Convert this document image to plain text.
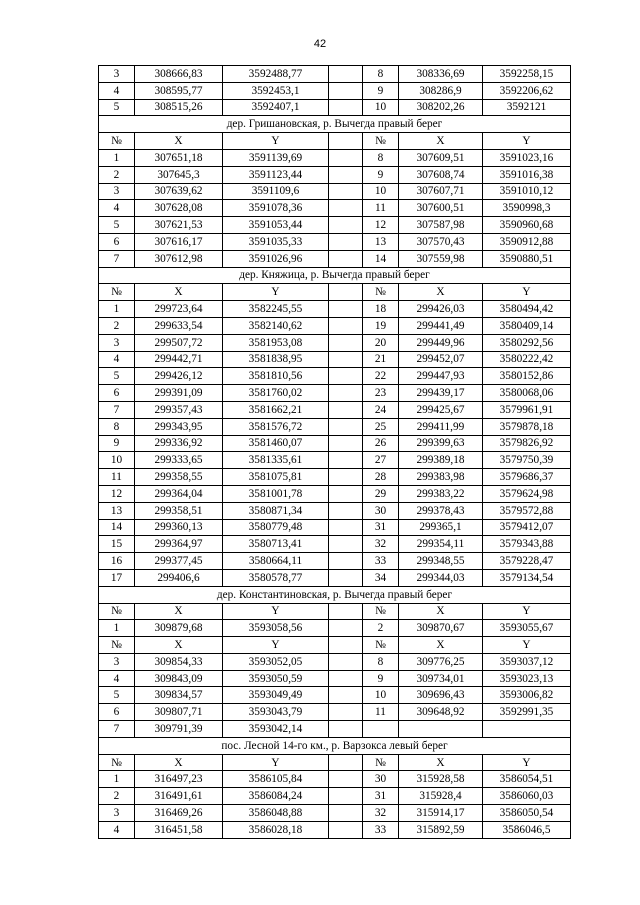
42
3	308666,83	3592488,77		8	308336,69	3592258,15
4	308595,77	3592453,1		9	308286,9	3592206,62
5	308515,26	3592407,1		10	308202,26	3592121
дер. Гришановская, р. Вычегда правый берег						
№	X	Y		№	X	Y
1	307651,18	3591139,69		8	307609,51	3591023,16
2	307645,3	3591123,44		9	307608,74	3591016,38
3	307639,62	3591109,6		10	307607,71	3591010,12
4	307628,08	3591078,36		11	307600,51	3590998,3
5	307621,53	3591053,44		12	307587,98	3590960,68
6	307616,17	3591035,33		13	307570,43	3590912,88
7	307612,98	3591026,96		14	307559,98	3590880,51
дер. Княжица, р. Вычегда правый берег						
№	X	Y		№	X	Y
1	299723,64	3582245,55		18	299426,03	3580494,42
2	299633,54	3582140,62		19	299441,49	3580409,14
3	299507,72	3581953,08		20	299449,96	3580292,56
4	299442,71	3581838,95		21	299452,07	3580222,42
5	299426,12	3581810,56		22	299447,93	3580152,86
6	299391,09	3581760,02		23	299439,17	3580068,06
7	299357,43	3581662,21		24	299425,67	3579961,91
8	299343,95	3581576,72		25	299411,99	3579878,18
9	299336,92	3581460,07		26	299399,63	3579826,92
10	299333,65	3581335,61		27	299389,18	3579750,39
11	299358,55	3581075,81		28	299383,98	3579686,37
12	299364,04	3581001,78		29	299383,22	3579624,98
13	299358,51	3580871,34		30	299378,43	3579572,88
14	299360,13	3580779,48		31	299365,1	3579412,07
15	299364,97	3580713,41		32	299354,11	3579343,88
16	299377,45	3580664,11		33	299348,55	3579228,47
17	299406,6	3580578,77		34	299344,03	3579134,54
дер. Константиновская, р. Вычегда правый берег						
№	X	Y		№	X	Y
1	309879,68	3593058,56		2	309870,67	3593055,67
№	X	Y		№	X	Y
3	309854,33	3593052,05		8	309776,25	3593037,12
4	309843,09	3593050,59		9	309734,01	3593023,13
5	309834,57	3593049,49		10	309696,43	3593006,82
6	309807,71	3593043,79		11	309648,92	3592991,35
7	309791,39	3593042,14				
пос. Лесной 14-го км., р. Варзокса левый берег						
№	X	Y		№	X	Y
1	316497,23	3586105,84		30	315928,58	3586054,51
2	316491,61	3586084,24		31	315928,4	3586060,03
3	316469,26	3586048,88		32	315914,17	3586050,54
4	316451,58	3586028,18		33	315892,59	3586046,5
